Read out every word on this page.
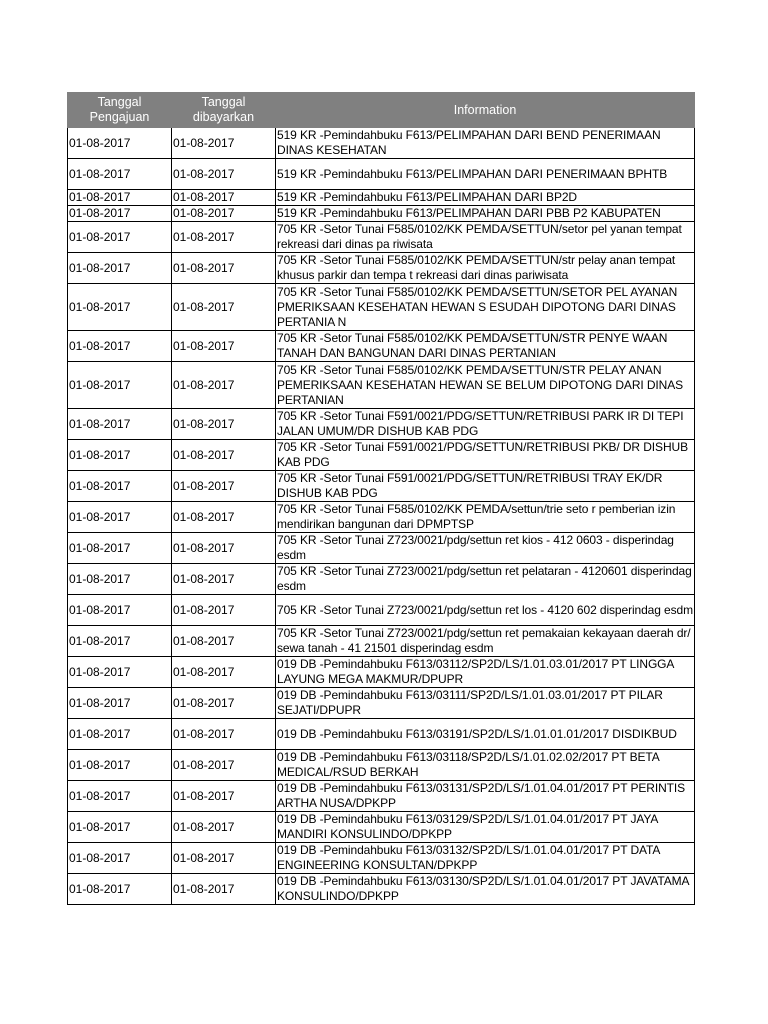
Tanggal Pengajuan	Tanggal dibayarkan	Information
01-08-2017	01-08-2017	519 KR -Pemindahbuku F613/PELIMPAHAN DARI BEND PENERIMAAN DINAS KESEHATAN
01-08-2017	01-08-2017	519 KR -Pemindahbuku F613/PELIMPAHAN DARI PENERIMAAN BPHTB
01-08-2017	01-08-2017	519 KR -Pemindahbuku F613/PELIMPAHAN DARI BP2D
01-08-2017	01-08-2017	519 KR -Pemindahbuku F613/PELIMPAHAN DARI PBB P2 KABUPATEN
01-08-2017	01-08-2017	705 KR -Setor Tunai F585/0102/KK PEMDA/SETTUN/setor pel yanan tempat rekreasi dari dinas pa riwisata
01-08-2017	01-08-2017	705 KR -Setor Tunai F585/0102/KK PEMDA/SETTUN/str pelay anan tempat khusus parkir dan tempa t rekreasi dari dinas pariwisata
01-08-2017	01-08-2017	705 KR -Setor Tunai F585/0102/KK PEMDA/SETTUN/SETOR PEL AYANAN PMERIKSAAN KESEHATAN HEWAN S ESUDAH DIPOTONG DARI DINAS PERTANIA N
01-08-2017	01-08-2017	705 KR -Setor Tunai F585/0102/KK PEMDA/SETTUN/STR PENYE WAAN TANAH DAN BANGUNAN DARI DINAS PERTANIAN
01-08-2017	01-08-2017	705 KR -Setor Tunai F585/0102/KK PEMDA/SETTUN/STR PELAY ANAN PEMERIKSAAN KESEHATAN HEWAN SE BELUM DIPOTONG DARI DINAS PERTANIAN
01-08-2017	01-08-2017	705 KR -Setor Tunai F591/0021/PDG/SETTUN/RETRIBUSI PARK IR DI TEPI JALAN UMUM/DR DISHUB KAB PDG
01-08-2017	01-08-2017	705 KR -Setor Tunai F591/0021/PDG/SETTUN/RETRIBUSI PKB/ DR DISHUB KAB PDG
01-08-2017	01-08-2017	705 KR -Setor Tunai F591/0021/PDG/SETTUN/RETRIBUSI TRAY EK/DR DISHUB KAB PDG
01-08-2017	01-08-2017	705 KR -Setor Tunai F585/0102/KK PEMDA/settun/trie seto r pemberian izin mendirikan bangunan dari DPMPTSP
01-08-2017	01-08-2017	705 KR -Setor Tunai Z723/0021/pdg/settun ret kios - 412 0603 - disperindag esdm
01-08-2017	01-08-2017	705 KR -Setor Tunai Z723/0021/pdg/settun ret pelataran - 4120601 disperindag esdm
01-08-2017	01-08-2017	705 KR -Setor Tunai Z723/0021/pdg/settun ret los - 4120 602 disperindag esdm
01-08-2017	01-08-2017	705 KR -Setor Tunai Z723/0021/pdg/settun ret pemakaian kekayaan daerah dr/ sewa tanah - 41 21501 disperindag esdm
01-08-2017	01-08-2017	019 DB -Pemindahbuku F613/03112/SP2D/LS/1.01.03.01/2017 PT LINGGA LAYUNG MEGA MAKMUR/DPUPR
01-08-2017	01-08-2017	019 DB -Pemindahbuku F613/03111/SP2D/LS/1.01.03.01/2017 PT PILAR SEJATI/DPUPR
01-08-2017	01-08-2017	019 DB -Pemindahbuku F613/03191/SP2D/LS/1.01.01.01/2017 DISDIKBUD
01-08-2017	01-08-2017	019 DB -Pemindahbuku F613/03118/SP2D/LS/1.01.02.02/2017 PT BETA MEDICAL/RSUD BERKAH
01-08-2017	01-08-2017	019 DB -Pemindahbuku F613/03131/SP2D/LS/1.01.04.01/2017 PT PERINTIS ARTHA NUSA/DPKPP
01-08-2017	01-08-2017	019 DB -Pemindahbuku F613/03129/SP2D/LS/1.01.04.01/2017 PT JAYA MANDIRI KONSULINDO/DPKPP
01-08-2017	01-08-2017	019 DB -Pemindahbuku F613/03132/SP2D/LS/1.01.04.01/2017 PT DATA ENGINEERING KONSULTAN/DPKPP
01-08-2017	01-08-2017	019 DB -Pemindahbuku F613/03130/SP2D/LS/1.01.04.01/2017 PT JAVATAMA KONSULINDO/DPKPP
